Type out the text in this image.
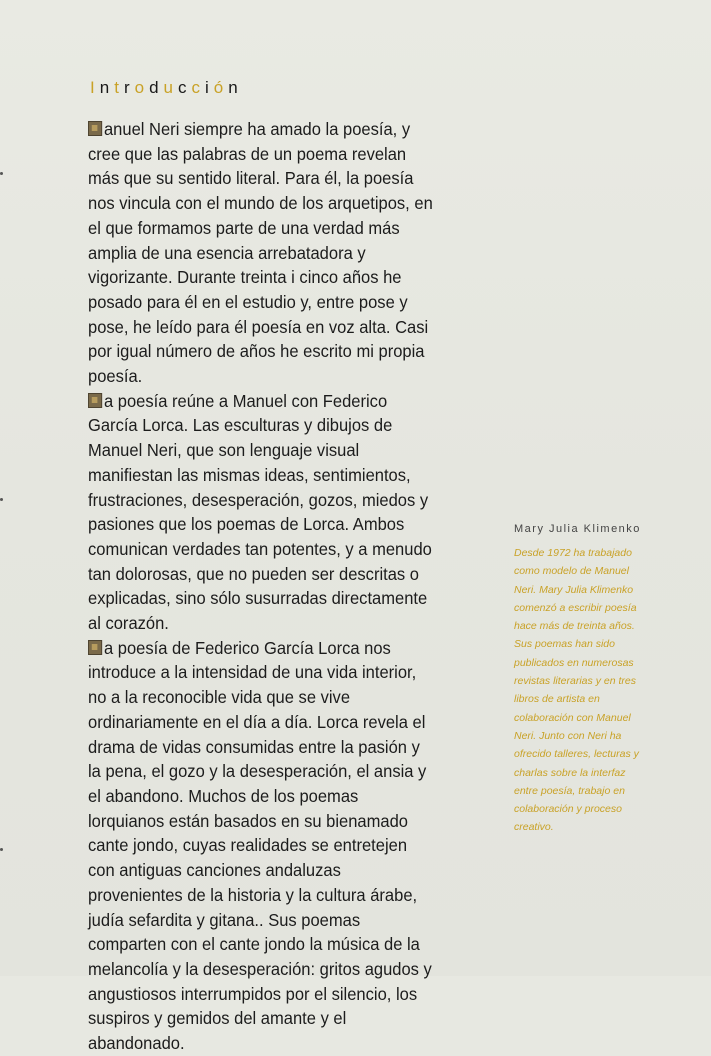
Introducción

anuel Neri siempre ha amado la poesía, y cree que las palabras de un poema revelan más que su sentido literal. Para él, la poesía nos vincula con el mundo de los arquetipos, en el que formamos parte de una verdad más amplia de una esencia arrebatadora y vigorizante. Durante treinta i cinco años he posado para él en el estudio y, entre pose y pose, he leído para él poesía en voz alta. Casi por igual número de años he escrito mi propia poesía.

a poesía reúne a Manuel con Federico García Lorca. Las esculturas y dibujos de Manuel Neri, que son lenguaje visual manifiestan las mismas ideas, sentimientos, frustraciones, desesperación, gozos, miedos y pasiones que los poemas de Lorca. Ambos comunican verdades tan potentes, y a menudo tan dolorosas, que no pueden ser descritas o explicadas, sino sólo susurradas directamente al corazón.

a poesía de Federico García Lorca nos introduce a la intensidad de una vida interior, no a la reconocible vida que se vive ordinariamente en el día a día. Lorca revela el drama de vidas consumidas entre la pasión y la pena, el gozo y la desesperación, el ansia y el abandono. Muchos de los poemas lorquianos están basados en su bienamado cante jondo, cuyas realidades se entretejen con antiguas canciones andaluzas provenientes de la historia y la cultura árabe, judía sefardita y gitana.. Sus poemas comparten con el cante jondo la música de la melancolía y la desesperación: gritos agudos y angustiosos interrumpidos por el silencio, los suspiros y gemidos del amante y el abandonado.

Mary Julia Klimenko
Desde 1972 ha trabajado como modelo de Manuel Neri. Mary Julia Klimenko comenzó a escribir poesía hace más de treinta años. Sus poemas han sido publicados en numerosas revistas literarias y en tres libros de artista en colaboración con Manuel Neri. Junto con Neri ha ofrecido talleres, lecturas y charlas sobre la interfaz entre poesía, trabajo en colaboración y proceso creativo.
